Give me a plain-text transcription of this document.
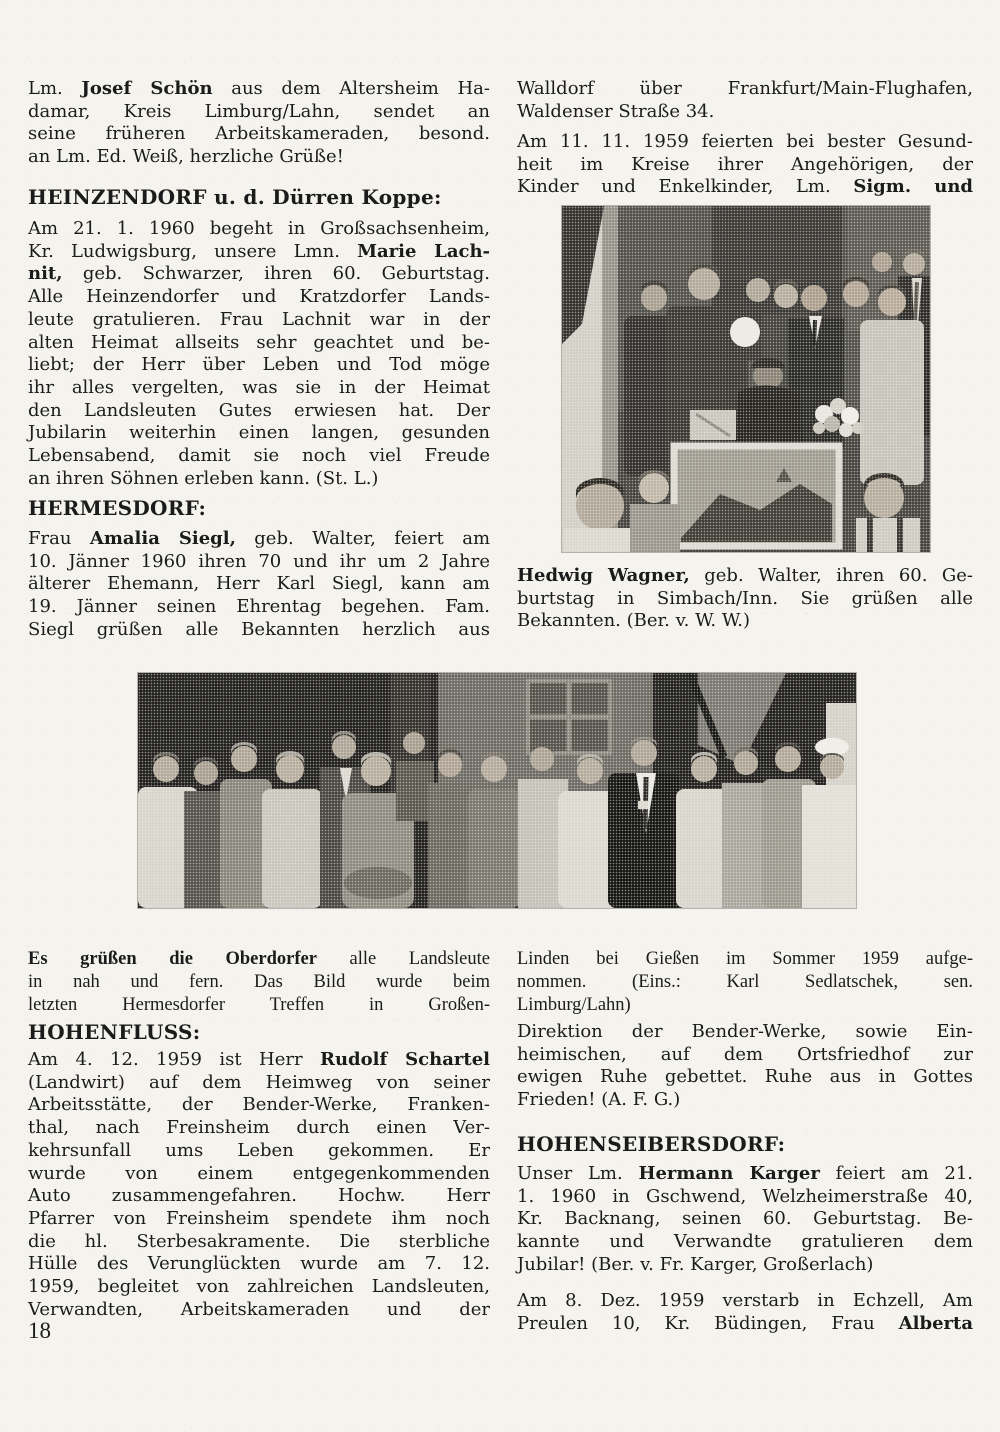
Lm. Josef Schön aus dem Altersheim Ha-
damar, Kreis Limburg/Lahn, sendet an
seine früheren Arbeitskameraden, besond.
an Lm. Ed. Weiß, herzliche Grüße!
HEINZENDORF u. d. Dürren Koppe:
Am 21. 1. 1960 begeht in Großsachsenheim,
Kr. Ludwigsburg, unsere Lmn. Marie Lach-
nit, geb. Schwarzer, ihren 60. Geburtstag.
Alle Heinzendorfer und Kratzdorfer Lands-
leute gratulieren. Frau Lachnit war in der
alten Heimat allseits sehr geachtet und be-
liebt; der Herr über Leben und Tod möge
ihr alles vergelten, was sie in der Heimat
den Landsleuten Gutes erwiesen hat. Der
Jubilarin weiterhin einen langen, gesunden
Lebensabend, damit sie noch viel Freude
an ihren Söhnen erleben kann. (St. L.)
HERMESDORF:
Frau Amalia Siegl, geb. Walter, feiert am
10. Jänner 1960 ihren 70 und ihr um 2 Jahre
älterer Ehemann, Herr Karl Siegl, kann am
19. Jänner seinen Ehrentag begehen. Fam.
Siegl grüßen alle Bekannten herzlich aus
Es grüßen die Oberdorfer alle Landsleute
in nah und fern. Das Bild wurde beim
letzten Hermesdorfer Treffen in Großen-
HOHENFLUSS:
Am 4. 12. 1959 ist Herr Rudolf Schartel
(Landwirt) auf dem Heimweg von seiner
Arbeitsstätte, der Bender-Werke, Franken-
thal, nach Freinsheim durch einen Ver-
kehrsunfall ums Leben gekommen. Er
wurde von einem entgegenkommenden
Auto zusammengefahren. Hochw. Herr
Pfarrer von Freinsheim spendete ihm noch
die hl. Sterbesakramente. Die sterbliche
Hülle des Verunglückten wurde am 7. 12.
1959, begleitet von zahlreichen Landsleuten,
Verwandten, Arbeitskameraden und der
Walldorf über Frankfurt/Main-Flughafen,
Waldenser Straße 34.
Am 11. 11. 1959 feierten bei bester Gesund-
heit im Kreise ihrer Angehörigen, der
Kinder und Enkelkinder, Lm. Sigm. und
Hedwig Wagner, geb. Walter, ihren 60. Ge-
burtstag in Simbach/Inn. Sie grüßen alle
Bekannten. (Ber. v. W. W.)
Linden bei Gießen im Sommer 1959 aufge-
nommen. (Eins.: Karl Sedlatschek, sen.
Limburg/Lahn)
Direktion der Bender-Werke, sowie Ein-
heimischen, auf dem Ortsfriedhof zur
ewigen Ruhe gebettet. Ruhe aus in Gottes
Frieden! (A. F. G.)
HOHENSEIBERSDORF:
Unser Lm. Hermann Karger feiert am 21.
1. 1960 in Gschwend, Welzheimerstraße 40,
Kr. Backnang, seinen 60. Geburtstag. Be-
kannte und Verwandte gratulieren dem
Jubilar! (Ber. v. Fr. Karger, Großerlach)
Am 8. Dez. 1959 verstarb in Echzell, Am
Preulen 10, Kr. Büdingen, Frau Alberta
18
